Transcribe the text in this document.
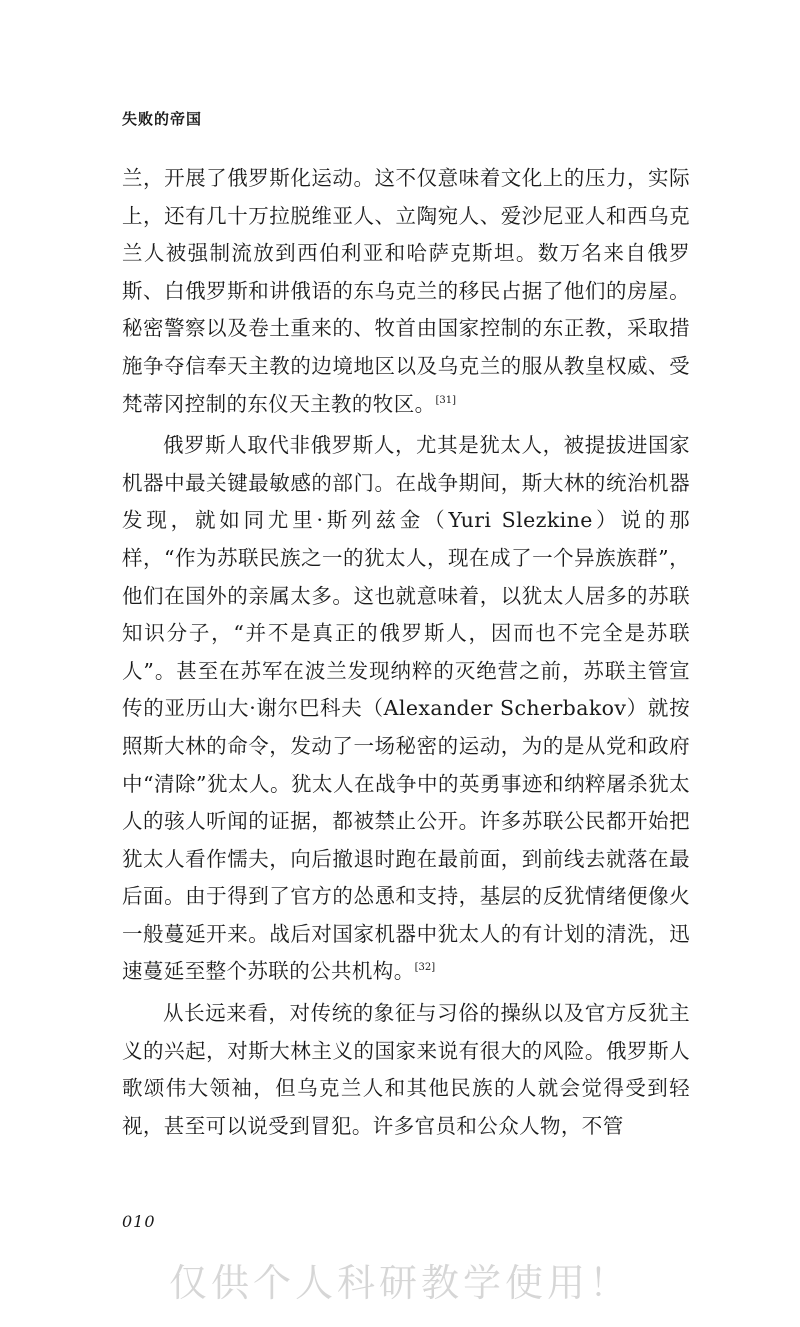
失败的帝国

兰，开展了俄罗斯化运动。这不仅意味着文化上的压力，实际上，还有几十万拉脱维亚人、立陶宛人、爱沙尼亚人和西乌克兰人被强制流放到西伯利亚和哈萨克斯坦。数万名来自俄罗斯、白俄罗斯和讲俄语的东乌克兰的移民占据了他们的房屋。秘密警察以及卷土重来的、牧首由国家控制的东正教，采取措施争夺信奉天主教的边境地区以及乌克兰的服从教皇权威、受梵蒂冈控制的东仪天主教的牧区。[31]

俄罗斯人取代非俄罗斯人，尤其是犹太人，被提拔进国家机器中最关键最敏感的部门。在战争期间，斯大林的统治机器发现，就如同尤里·斯列兹金（Yuri Slezkine）说的那样，“作为苏联民族之一的犹太人，现在成了一个异族族群”，他们在国外的亲属太多。这也就意味着，以犹太人居多的苏联知识分子，“并不是真正的俄罗斯人，因而也不完全是苏联人”。甚至在苏军在波兰发现纳粹的灭绝营之前，苏联主管宣传的亚历山大·谢尔巴科夫（Alexander Scherbakov）就按照斯大林的命令，发动了一场秘密的运动，为的是从党和政府中“清除”犹太人。犹太人在战争中的英勇事迹和纳粹屠杀犹太人的骇人听闻的证据，都被禁止公开。许多苏联公民都开始把犹太人看作懦夫，向后撤退时跑在最前面，到前线去就落在最后面。由于得到了官方的怂恿和支持，基层的反犹情绪便像火一般蔓延开来。战后对国家机器中犹太人的有计划的清洗，迅速蔓延至整个苏联的公共机构。[32]

从长远来看，对传统的象征与习俗的操纵以及官方反犹主义的兴起，对斯大林主义的国家来说有很大的风险。俄罗斯人歌颂伟大领袖，但乌克兰人和其他民族的人就会觉得受到轻视，甚至可以说受到冒犯。许多官员和公众人物，不管

010
仅供个人科研教学使用！
